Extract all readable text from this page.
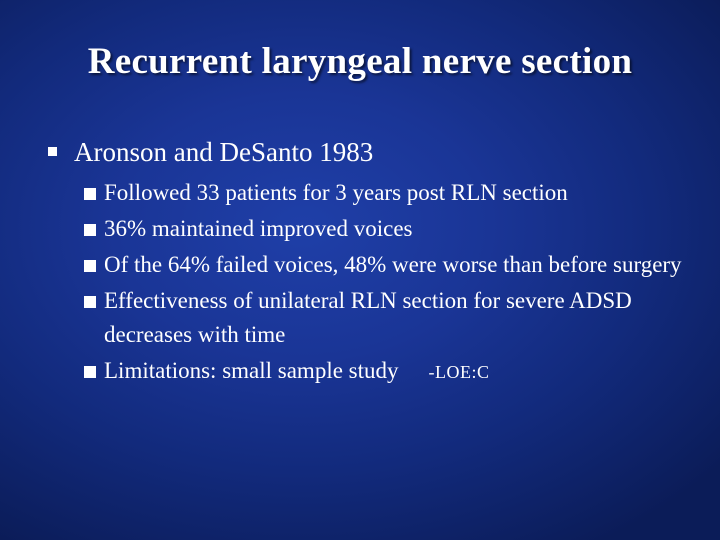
Recurrent laryngeal nerve section
Aronson and DeSanto 1983
Followed 33 patients for 3 years post RLN section
36% maintained improved voices
Of the 64% failed voices, 48% were worse than before surgery
Effectiveness of unilateral RLN section for severe ADSD decreases with time
Limitations: small sample study -LOE:C
